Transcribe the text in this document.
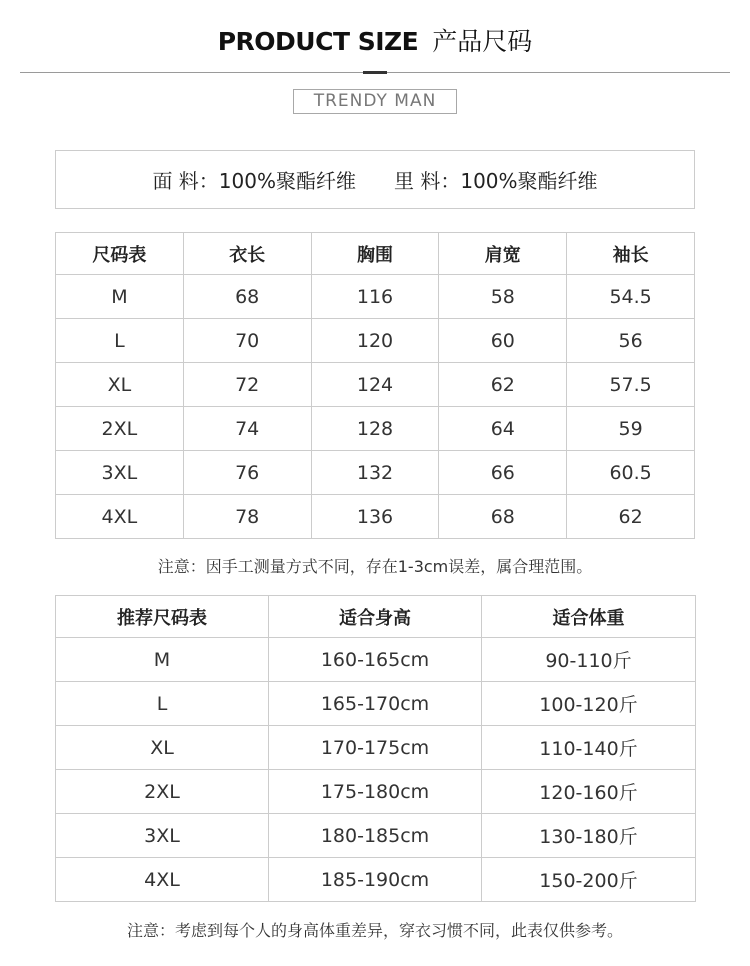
PRODUCT SIZE 产品尺码
TRENDY MAN
面 料：100%聚酯纤维 里 料：100%聚酯纤维
尺码表	衣长	胸围	肩宽	袖长
M	68	116	58	54.5
L	70	120	60	56
XL	72	124	62	57.5
2XL	74	128	64	59
3XL	76	132	66	60.5
4XL	78	136	68	62
注意：因手工测量方式不同，存在1-3cm误差，属合理范围。
推荐尺码表	适合身高	适合体重
M	160-165cm	90-110斤
L	165-170cm	100-120斤
XL	170-175cm	110-140斤
2XL	175-180cm	120-160斤
3XL	180-185cm	130-180斤
4XL	185-190cm	150-200斤
注意：考虑到每个人的身高体重差异，穿衣习惯不同，此表仅供参考。
